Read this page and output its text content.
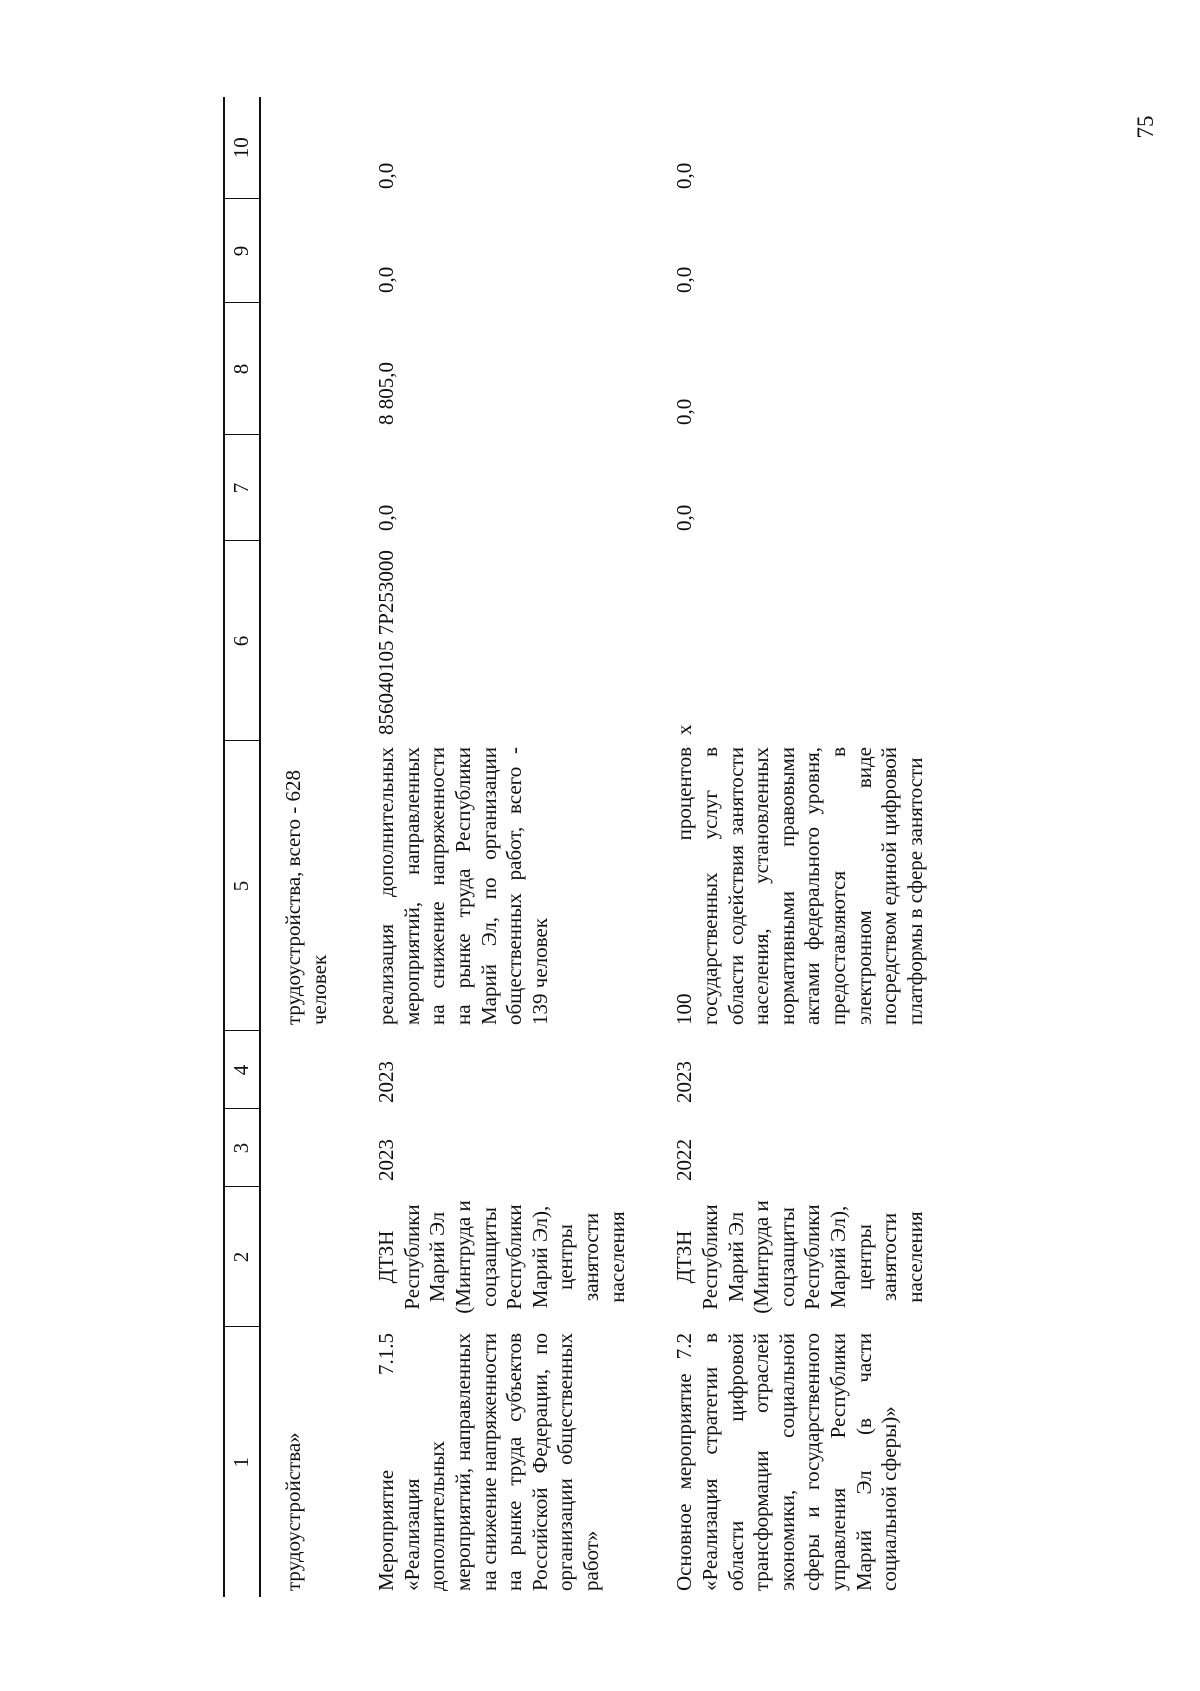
75
1	2	3	4	5	6	7	8	9	10
трудоустройства»				трудоустройства, всего - 628 человек					
Мероприятие 7.1.5 «Реализация дополнительных мероприятий, направленных на снижение напряженности на рынке труда субъектов Российской Федерации, по организации общественных работ»	ДТЗН Республики Марий Эл (Минтруда и соцзащиты Республики Марий Эл), центры занятости населения	2023	2023	реализация дополнительных мероприятий, направленных на снижение напряженности на рынке труда Республики Марий Эл, по организации общественных работ, всего - 139 человек	856040105 7P253000	0,0	8 805,0	0,0	0,0
Основное мероприятие 7.2 «Реализация стратегии в области цифровой трансформации отраслей экономики, социальной сферы и государственного управления Республики Марий Эл (в части социальной сферы)»	ДТЗН Республики Марий Эл (Минтруда и соцзащиты Республики Марий Эл), центры занятости населения	2022	2023	100 процентов государственных услуг в области содействия занятости населения, установленных нормативными правовыми актами федерального уровня, предоставляются в электронном виде посредством единой цифровой платформы в сфере занятости	x	0,0	0,0	0,0	0,0
